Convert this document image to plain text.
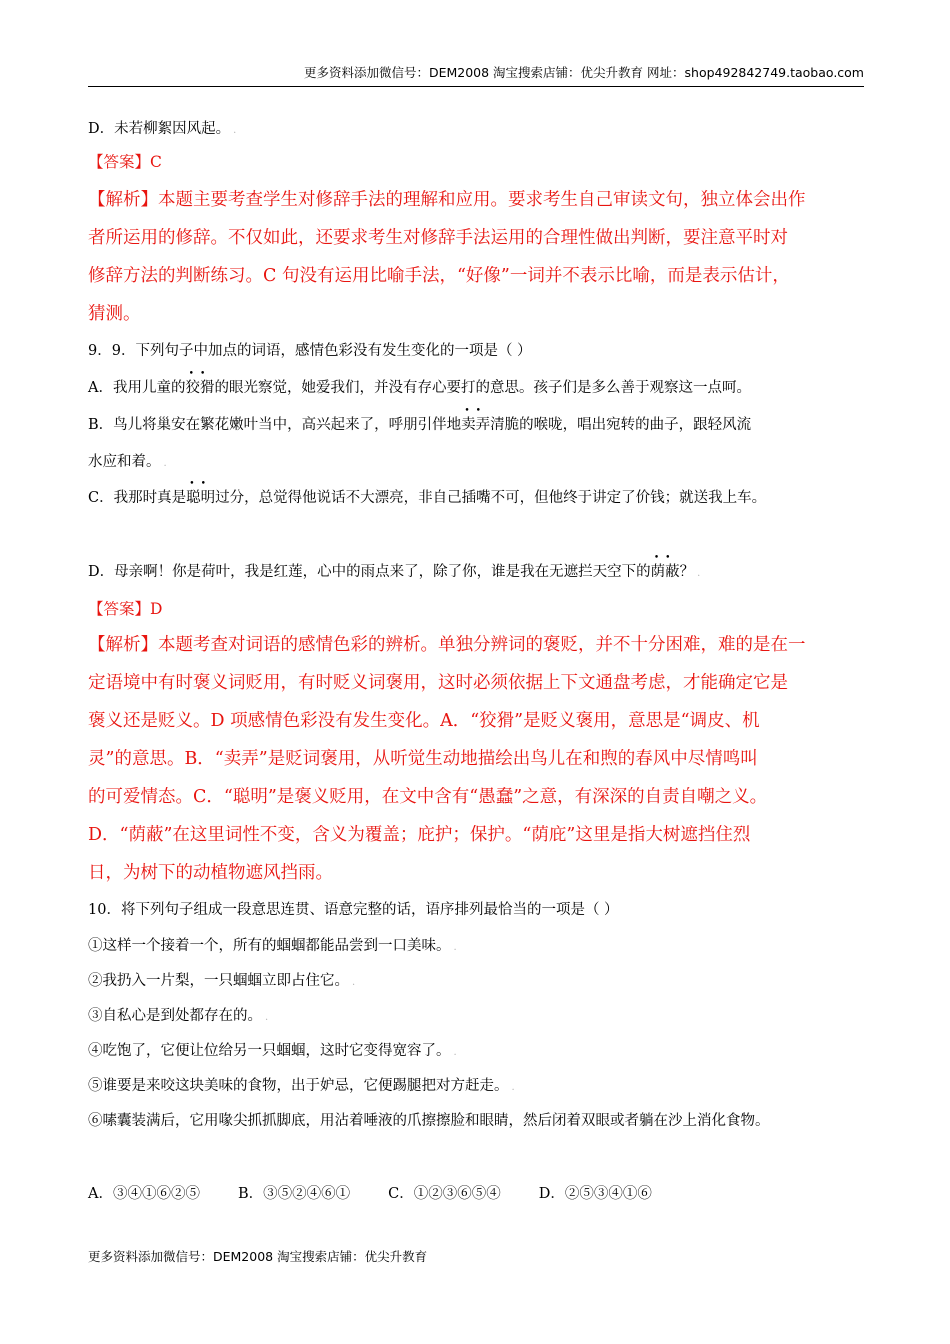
更多资料添加微信号：DEM2008 淘宝搜索店铺：优尖升教育 网址：shop492842749.taobao.com
D．未若柳絮因风起。 .
【答案】C
【解析】本题主要考查学生对修辞手法的理解和应用。要求考生自己审读文句，独立体会出作
者所运用的修辞。不仅如此，还要求考生对修辞手法运用的合理性做出判断，要注意平时对
修辞方法的判断练习。C 句没有运用比喻手法，“好像”一词并不表示比喻，而是表示估计，
猜测。
9．9．下列句子中加点的词语，感情色彩没有发生变化的一项是（ ）
A．我用儿童的•• 狡猾的眼光察觉，她爱我们，并没有存心要打的意思。孩子们是多么善于观察这一点呵。
B．鸟儿将巢安在繁花嫩叶当中，高兴起来了，呼朋引伴地•• 卖弄清脆的喉咙，唱出宛转的曲子，跟轻风流
水应和着。 .
C．我那时真是•• 聪明过分，总觉得他说话不大漂亮，非自己插嘴不可，但他终于讲定了价钱；就送我上车。
D．母亲啊！你是荷叶，我是红莲，心中的雨点来了，除了你，谁是我在无遮拦天空下的•• 荫蔽？ .
【答案】D
【解析】本题考查对词语的感情色彩的辨析。单独分辨词的褒贬，并不十分困难，难的是在一
定语境中有时褒义词贬用，有时贬义词褒用，这时必须依据上下文通盘考虑，才能确定它是
褒义还是贬义。D 项感情色彩没有发生变化。A．“狡猾”是贬义褒用，意思是“调皮、机
灵”的意思。B．“卖弄”是贬词褒用，从听觉生动地描绘出鸟儿在和煦的春风中尽情鸣叫
的可爱情态。C．“聪明”是褒义贬用，在文中含有“愚蠢”之意，有深深的自责自嘲之义。
D．“荫蔽”在这里词性不变，含义为覆盖；庇护；保护。“荫庇”这里是指大树遮挡住烈
日，为树下的动植物遮风挡雨。
10．将下列句子组成一段意思连贯、语意完整的话，语序排列最恰当的一项是（ ）
①这样一个接着一个，所有的蝈蝈都能品尝到一口美味。 .
②我扔入一片梨，一只蝈蝈立即占住它。 .
③自私心是到处都存在的。 .
④吃饱了，它便让位给另一只蝈蝈，这时它变得宽容了。 .
⑤谁要是来咬这块美味的食物，出于妒忌，它便踢腿把对方赶走。 .
⑥嗉囊装满后，它用喙尖抓抓脚底，用沾着唾液的爪擦擦脸和眼睛，然后闭着双眼或者躺在沙上消化食物。
A．③④①⑥②⑤	B．③⑤②④⑥①	C．①②③⑥⑤④	D．②⑤③④①⑥
更多资料添加微信号：DEM2008 淘宝搜索店铺：优尖升教育
